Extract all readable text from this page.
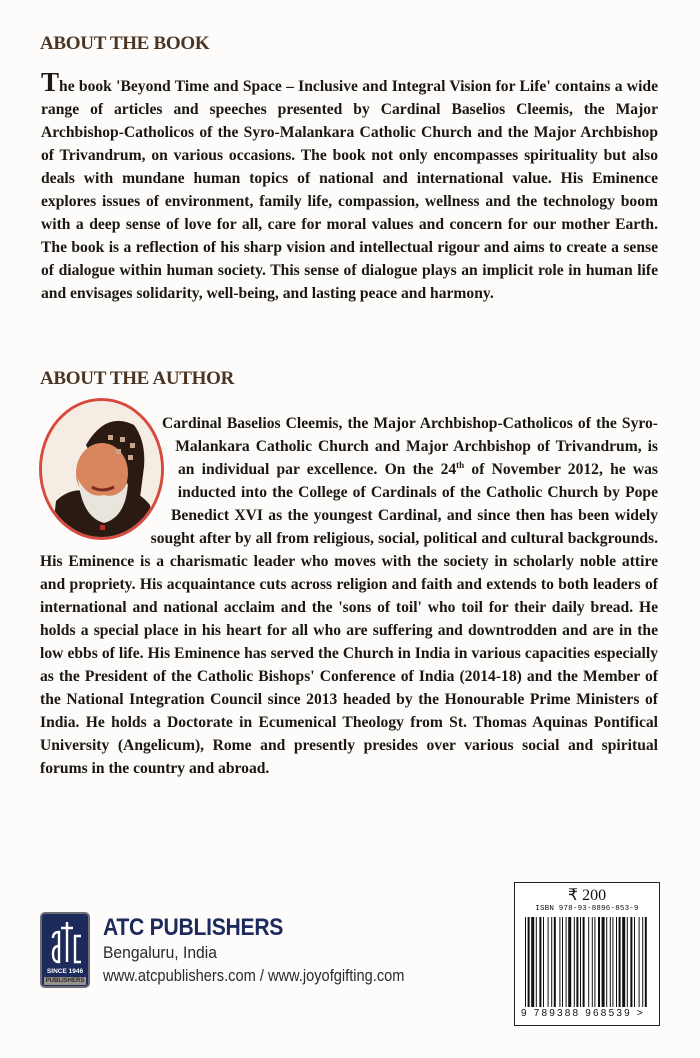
ABOUT THE BOOK

The book 'Beyond Time and Space – Inclusive and Integral Vision for Life' contains a wide range of articles and speeches presented by Cardinal Baselios Cleemis, the Major Archbishop-Catholicos of the Syro-Malankara Catholic Church and the Major Archbishop of Trivandrum, on various occasions. The book not only encompasses spirituality but also deals with mundane human topics of national and international value. His Eminence explores issues of environment, family life, compassion, wellness and the technology boom with a deep sense of love for all, care for moral values and concern for our mother Earth. The book is a reflection of his sharp vision and intellectual rigour and aims to create a sense of dialogue within human society. This sense of dialogue plays an implicit role in human life and envisages solidarity, well-being, and lasting peace and harmony.

ABOUT THE AUTHOR

Cardinal Baselios Cleemis, the Major Archbishop-Catholicos of the Syro-Malankara Catholic Church and Major Archbishop of Trivandrum, is an individual par excellence. On the 24th of November 2012, he was inducted into the College of Cardinals of the Catholic Church by Pope Benedict XVI as the youngest Cardinal, and since then has been widely sought after by all from religious, social, political and cultural backgrounds. His Eminence is a charismatic leader who moves with the society in scholarly noble attire and propriety. His acquaintance cuts across religion and faith and extends to both leaders of international and national acclaim and the 'sons of toil' who toil for their daily bread. He holds a special place in his heart for all who are suffering and downtrodden and are in the low ebbs of life. His Eminence has served the Church in India in various capacities especially as the President of the Catholic Bishops' Conference of India (2014-18) and the Member of the National Integration Council since 2013 headed by the Honourable Prime Ministers of India. He holds a Doctorate in Ecumenical Theology from St. Thomas Aquinas Pontifical University (Angelicum), Rome and presently presides over various social and spiritual forums in the country and abroad.

SINCE 1946
PUBLISHERS
ATC PUBLISHERS
Bengaluru, India
www.atcpublishers.com / www.joyofgifting.com
₹ 200
ISBN 978-93-8896-853-9
9 789388 968539 >
